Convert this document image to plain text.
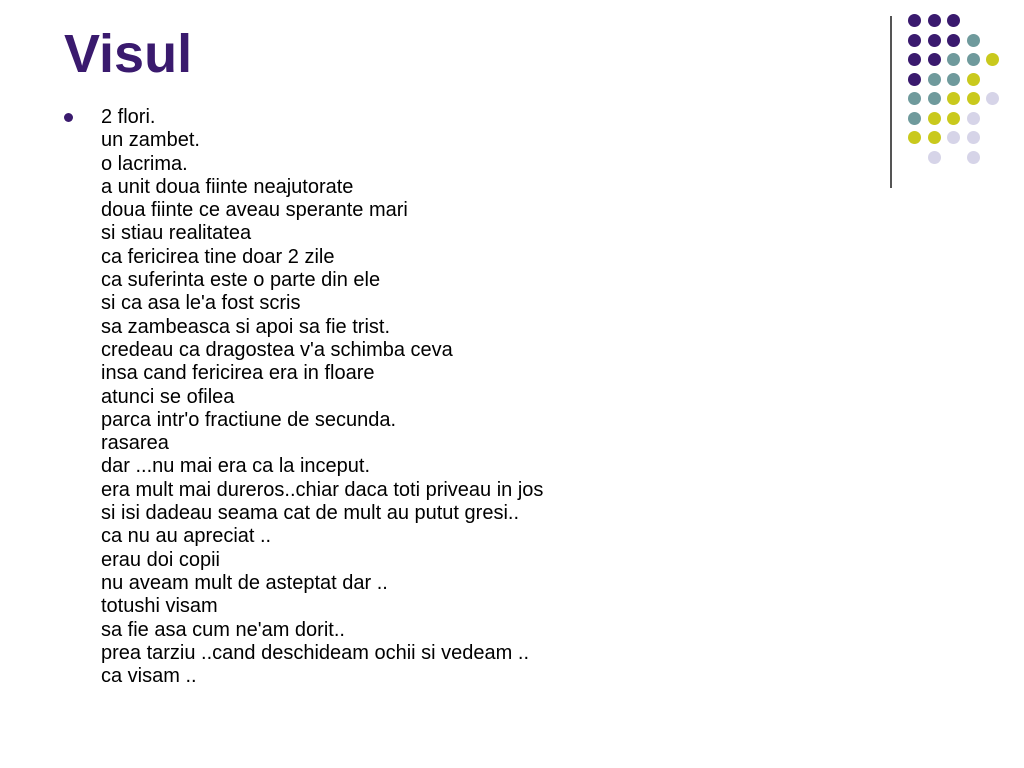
Visul
2 flori.
un zambet.
o lacrima.
a unit doua fiinte neajutorate
doua fiinte ce aveau sperante mari
si stiau realitatea
ca fericirea tine doar 2 zile
ca suferinta este o parte din ele
si ca asa le'a fost scris
sa zambeasca si apoi sa fie trist.
credeau ca dragostea v'a schimba ceva
insa cand fericirea era in floare
atunci se ofilea
parca intr'o fractiune de secunda.
rasarea
dar ...nu mai era ca la inceput.
era mult mai dureros..chiar daca toti priveau in jos
si isi dadeau seama cat de mult au putut gresi..
ca nu au apreciat ..
erau doi copii
nu aveam mult de asteptat dar ..
totushi visam
sa fie asa cum ne'am dorit..
prea tarziu ..cand deschideam ochii si vedeam ..
ca visam ..
